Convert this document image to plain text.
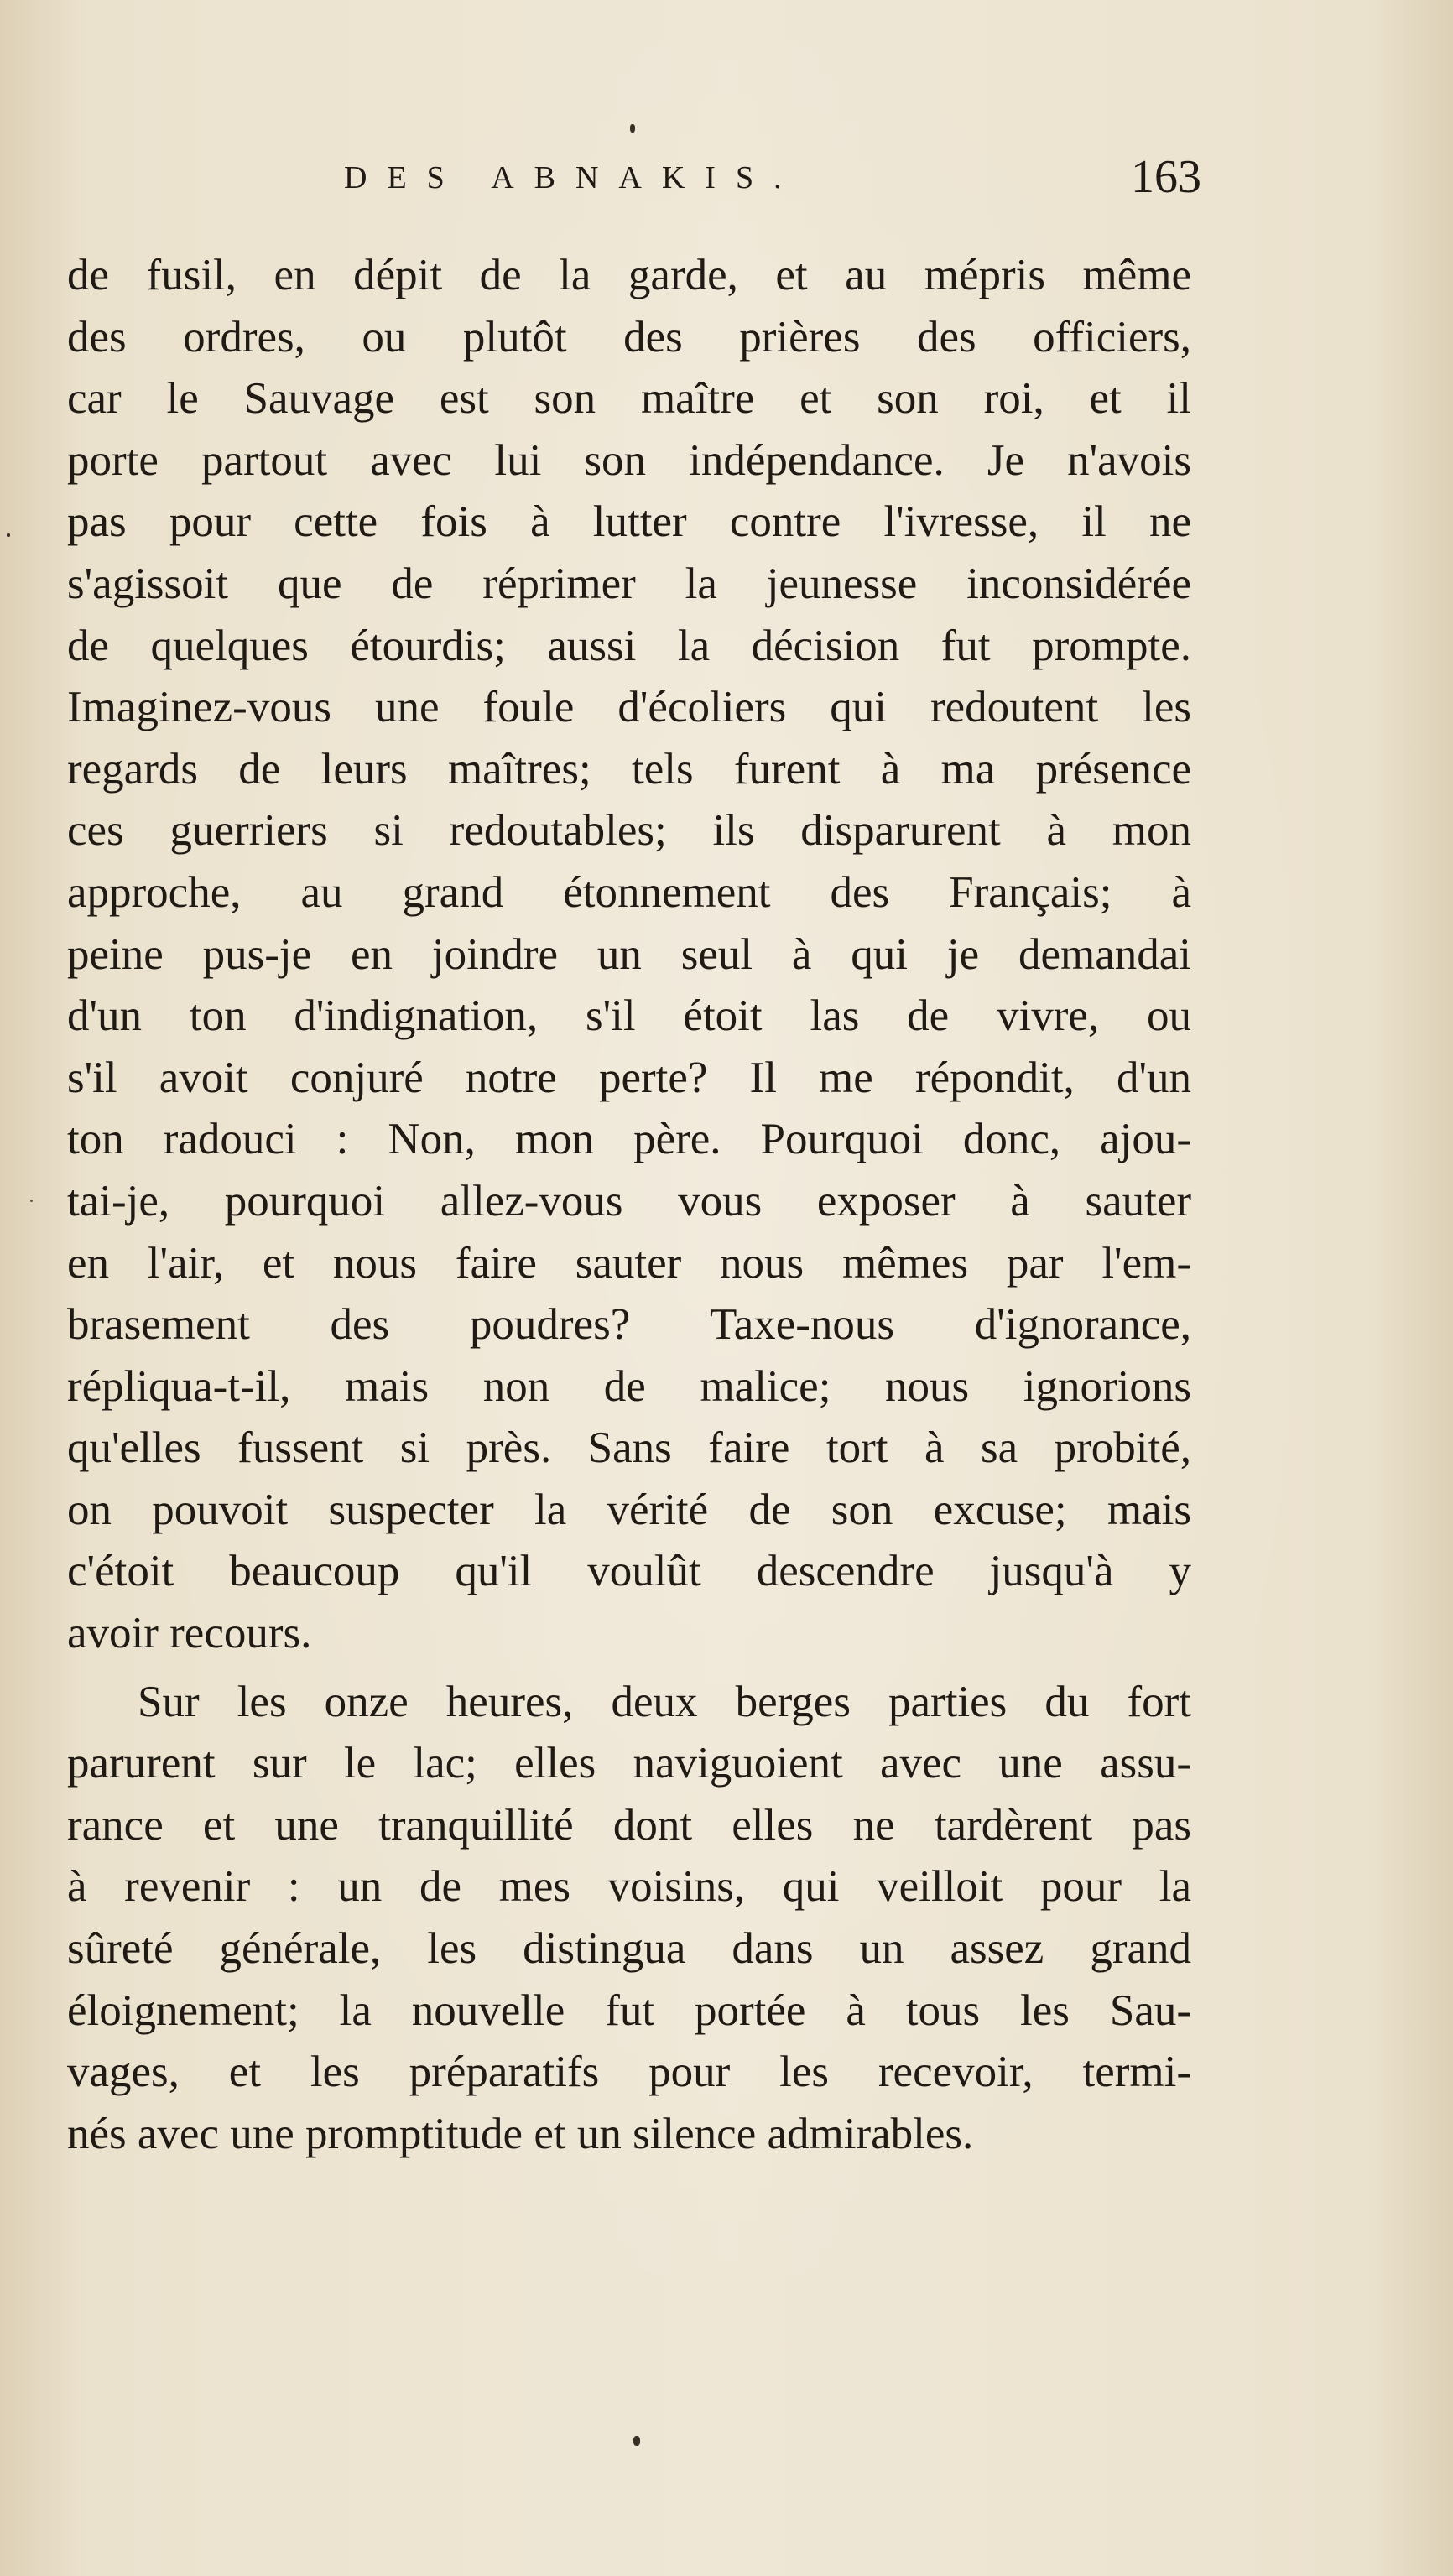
DES ABNAKIS.	163
de fusil, en dépit de la garde, et au mépris même
des ordres, ou plutôt des prières des officiers,
car le Sauvage est son maître et son roi, et il
porte partout avec lui son indépendance. Je n'avois
pas pour cette fois à lutter contre l'ivresse, il ne
s'agissoit que de réprimer la jeunesse inconsidérée
de quelques étourdis; aussi la décision fut prompte.
Imaginez-vous une foule d'écoliers qui redoutent les
regards de leurs maîtres; tels furent à ma présence
ces guerriers si redoutables; ils disparurent à mon
approche, au grand étonnement des Français; à
peine pus-je en joindre un seul à qui je demandai
d'un ton d'indignation, s'il étoit las de vivre, ou
s'il avoit conjuré notre perte? Il me répondit, d'un
ton radouci : Non, mon père. Pourquoi donc, ajou-
tai-je, pourquoi allez-vous vous exposer à sauter
en l'air, et nous faire sauter nous mêmes par l'em-
brasement des poudres? Taxe-nous d'ignorance,
répliqua-t-il, mais non de malice; nous ignorions
qu'elles fussent si près. Sans faire tort à sa probité,
on pouvoit suspecter la vérité de son excuse; mais
c'étoit beaucoup qu'il voulût descendre jusqu'à y
avoir recours.
Sur les onze heures, deux berges parties du fort
parurent sur le lac; elles naviguoient avec une assu-
rance et une tranquillité dont elles ne tardèrent pas
à revenir : un de mes voisins, qui veilloit pour la
sûreté générale, les distingua dans un assez grand
éloignement; la nouvelle fut portée à tous les Sau-
vages, et les préparatifs pour les recevoir, termi-
nés avec une promptitude et un silence admirables.
